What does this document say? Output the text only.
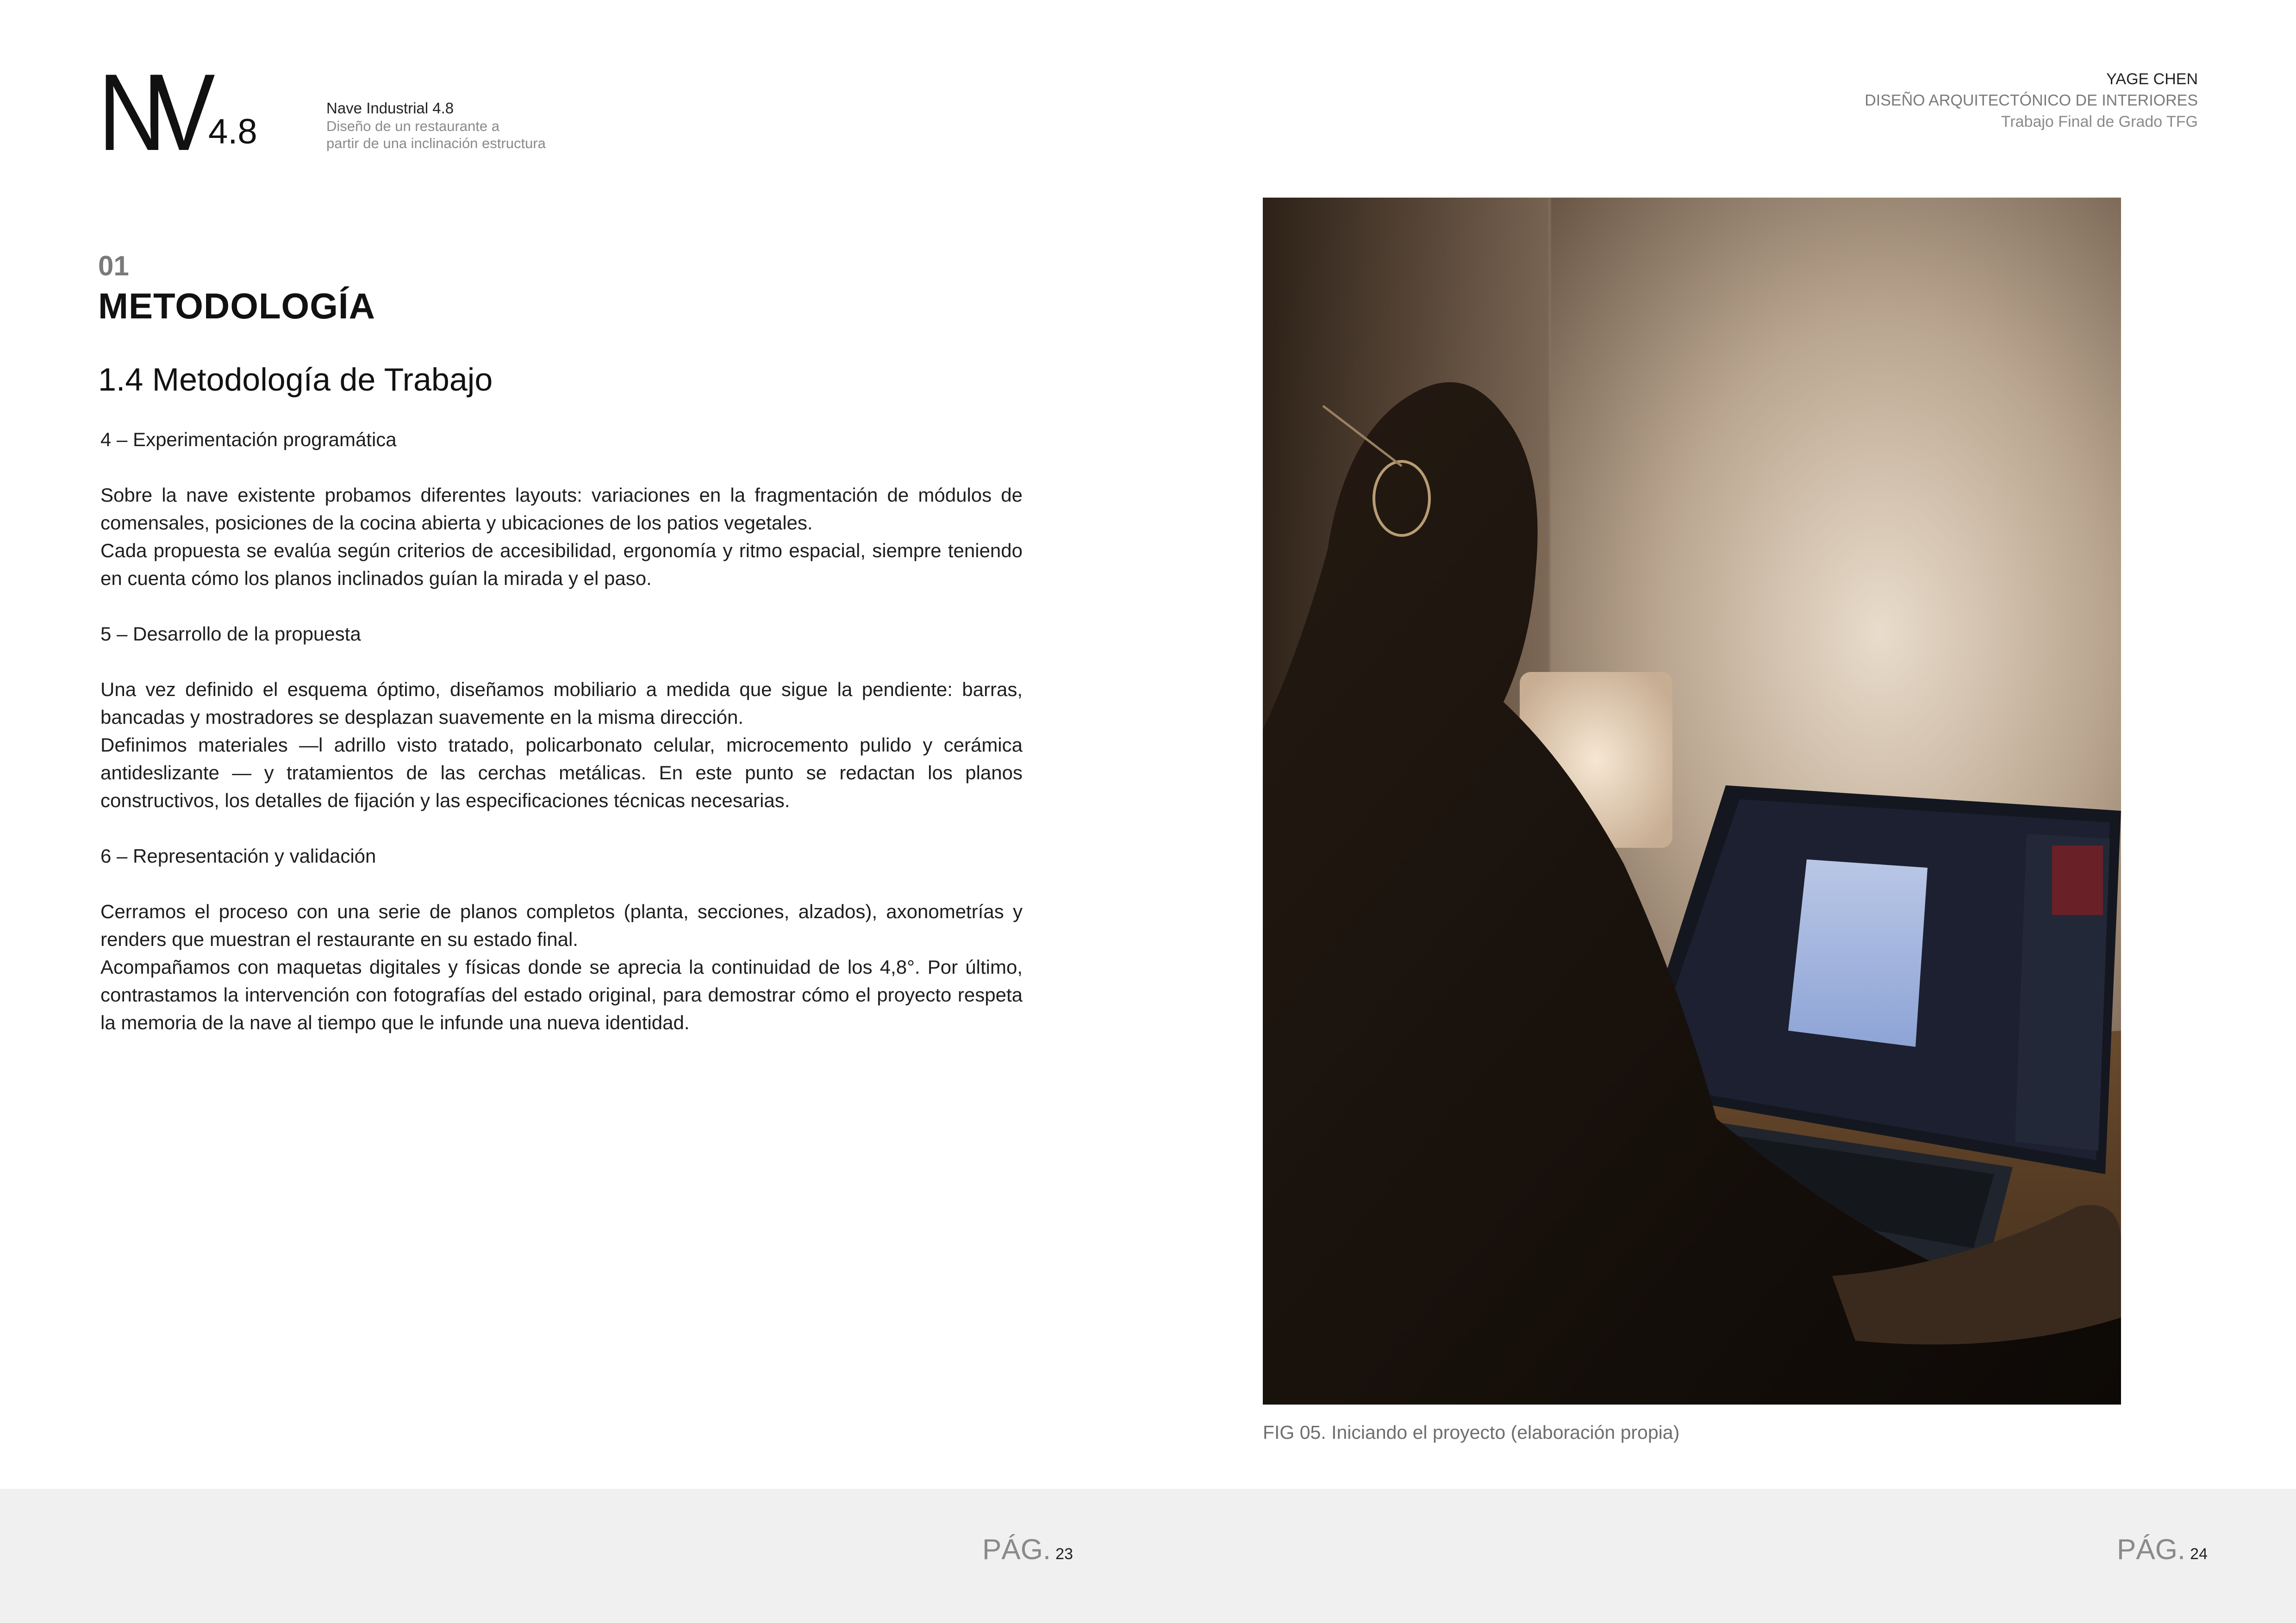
NV 4.8
Nave Industrial 4.8
Diseño de un restaurante a
partir de una inclinación estructura
YAGE CHEN
DISEÑO ARQUITECTÓNICO DE INTERIORES
Trabajo Final de Grado TFG
01
METODOLOGÍA
1.4 Metodología de Trabajo

4 – Experimentación programática

Sobre la nave existente probamos diferentes layouts: variaciones en la fragmentación de módulos de comensales, posiciones de la cocina abierta y ubicaciones de los patios vegetales.

Cada propuesta se evalúa según criterios de accesibilidad, ergonomía y ritmo espacial, siempre teniendo en cuenta cómo los planos inclinados guían la mirada y el paso.

5 – Desarrollo de la propuesta

Una vez definido el esquema óptimo, diseñamos mobiliario a medida que sigue la pendiente: barras, bancadas y mostradores se desplazan suavemente en la misma dirección.

Definimos materiales —l adrillo visto tratado, policarbonato celular, microcemento pulido y cerámica antideslizante — y tratamientos de las cerchas metálicas. En este punto se redactan los planos constructivos, los detalles de fijación y las especificaciones técnicas necesarias.

6 – Representación y validación

Cerramos el proceso con una serie de planos completos (planta, secciones, alzados), axonometrías y renders que muestran el restaurante en su estado final.

Acompañamos con maquetas digitales y físicas donde se aprecia la continuidad de los 4,8°. Por último, contrastamos la intervención con fotografías del estado original, para demostrar cómo el proyecto respeta la memoria de la nave al tiempo que le infunde una nueva identidad.

FIG 05. Iniciando el proyecto (elaboración propia)
PÁG. 23	PÁG. 24
